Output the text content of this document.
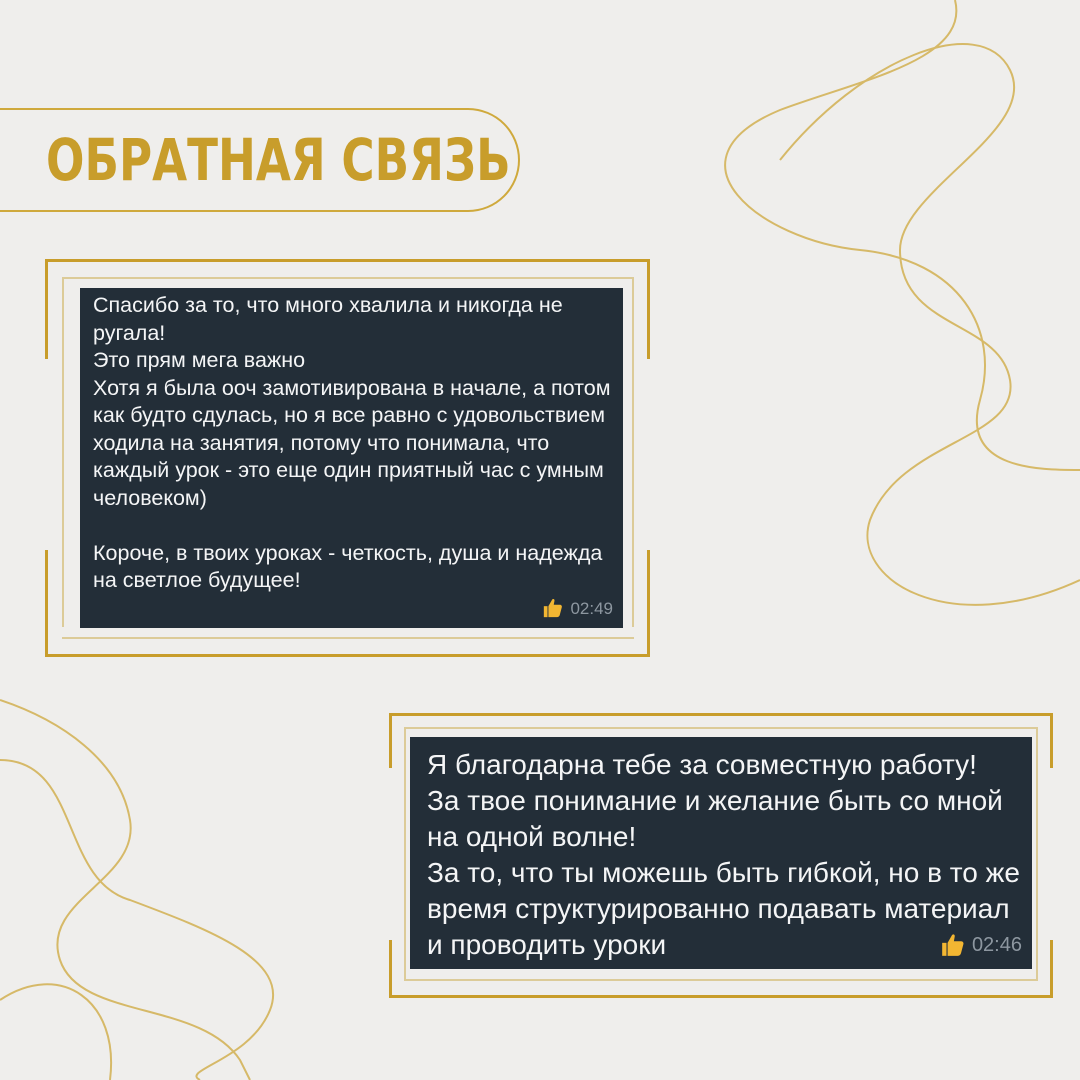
ОБРАТНАЯ СВЯЗЬ

Спасибо за то, что много хвалила и никогда не ругала!
Это прям мега важно
Хотя я была ооч замотивирована в начале, а потом как будто сдулась, но я все равно с удовольствием ходила на занятия, потому что понимала, что каждый урок - это еще один приятный час с умным человеком)

Короче, в твоих уроках - четкость, душа и надежда на светлое будущее!

02:49

Я благодарна тебе за совместную работу!
За твое понимание и желание быть со мной на одной волне!
За то, что ты можешь быть гибкой, но в то же время структурированно подавать материал и проводить уроки	02:46
